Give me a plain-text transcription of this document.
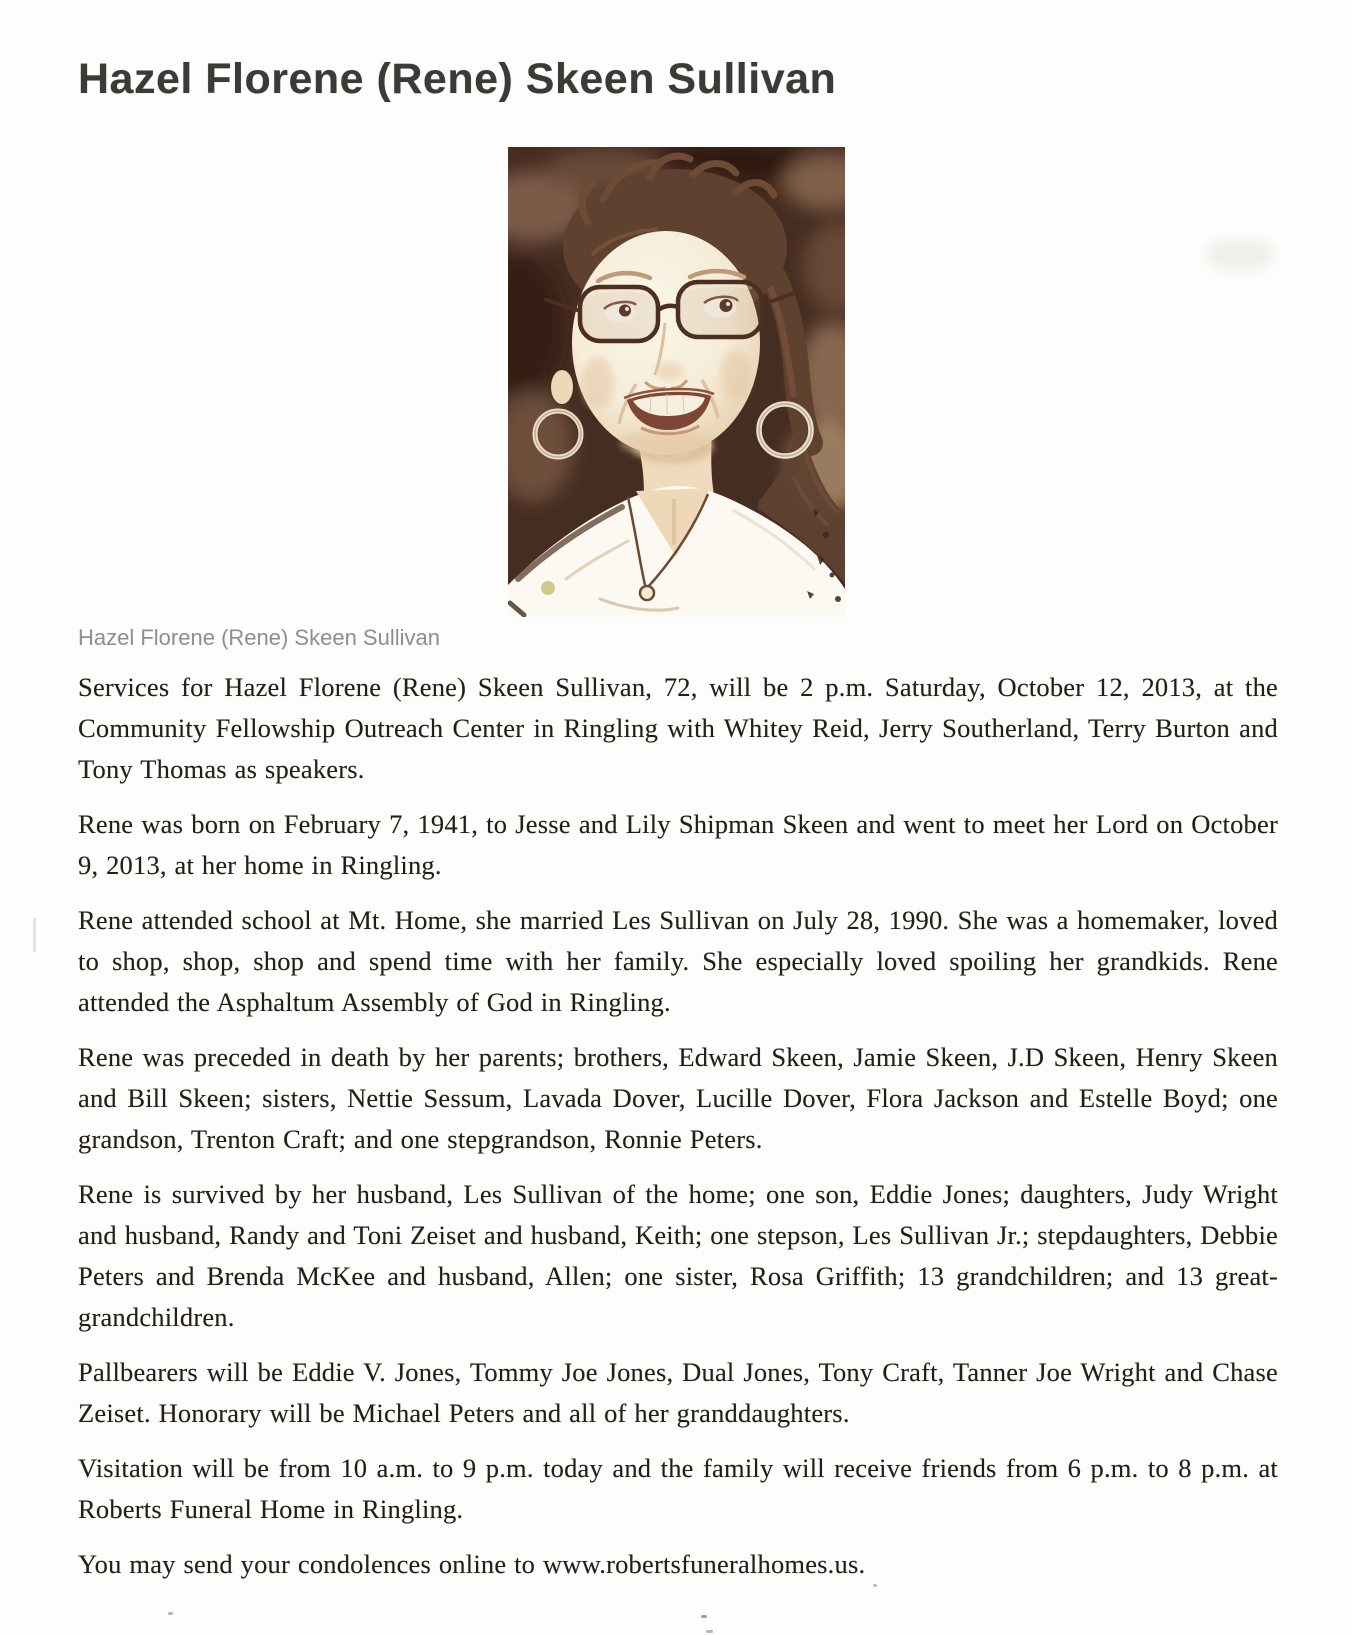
Hazel Florene (Rene) Skeen Sullivan
Hazel Florene (Rene) Skeen Sullivan

Services for Hazel Florene (Rene) Skeen Sullivan, 72, will be 2 p.m. Saturday, October 12, 2013, at the Community Fellowship Outreach Center in Ringling with Whitey Reid, Jerry Southerland, Terry Burton and Tony Thomas as speakers.

Rene was born on February 7, 1941, to Jesse and Lily Shipman Skeen and went to meet her Lord on October 9, 2013, at her home in Ringling.

Rene attended school at Mt. Home, she married Les Sullivan on July 28, 1990. She was a homemaker, loved to shop, shop, shop and spend time with her family. She especially loved spoiling her grandkids. Rene attended the Asphaltum Assembly of God in Ringling.

Rene was preceded in death by her parents; brothers, Edward Skeen, Jamie Skeen, J.D Skeen, Henry Skeen and Bill Skeen; sisters, Nettie Sessum, Lavada Dover, Lucille Dover, Flora Jackson and Estelle Boyd; one grandson, Trenton Craft; and one stepgrandson, Ronnie Peters.

Rene is survived by her husband, Les Sullivan of the home; one son, Eddie Jones; daughters, Judy Wright and husband, Randy and Toni Zeiset and husband, Keith; one stepson, Les Sullivan Jr.; stepdaughters, Debbie Peters and Brenda McKee and husband, Allen; one sister, Rosa Griffith; 13 grandchildren; and 13 great-grandchildren.

Pallbearers will be Eddie V. Jones, Tommy Joe Jones, Dual Jones, Tony Craft, Tanner Joe Wright and Chase Zeiset. Honorary will be Michael Peters and all of her granddaughters.

Visitation will be from 10 a.m. to 9 p.m. today and the family will receive friends from 6 p.m. to 8 p.m. at Roberts Funeral Home in Ringling.

You may send your condolences online to www.robertsfuneralhomes.us.
